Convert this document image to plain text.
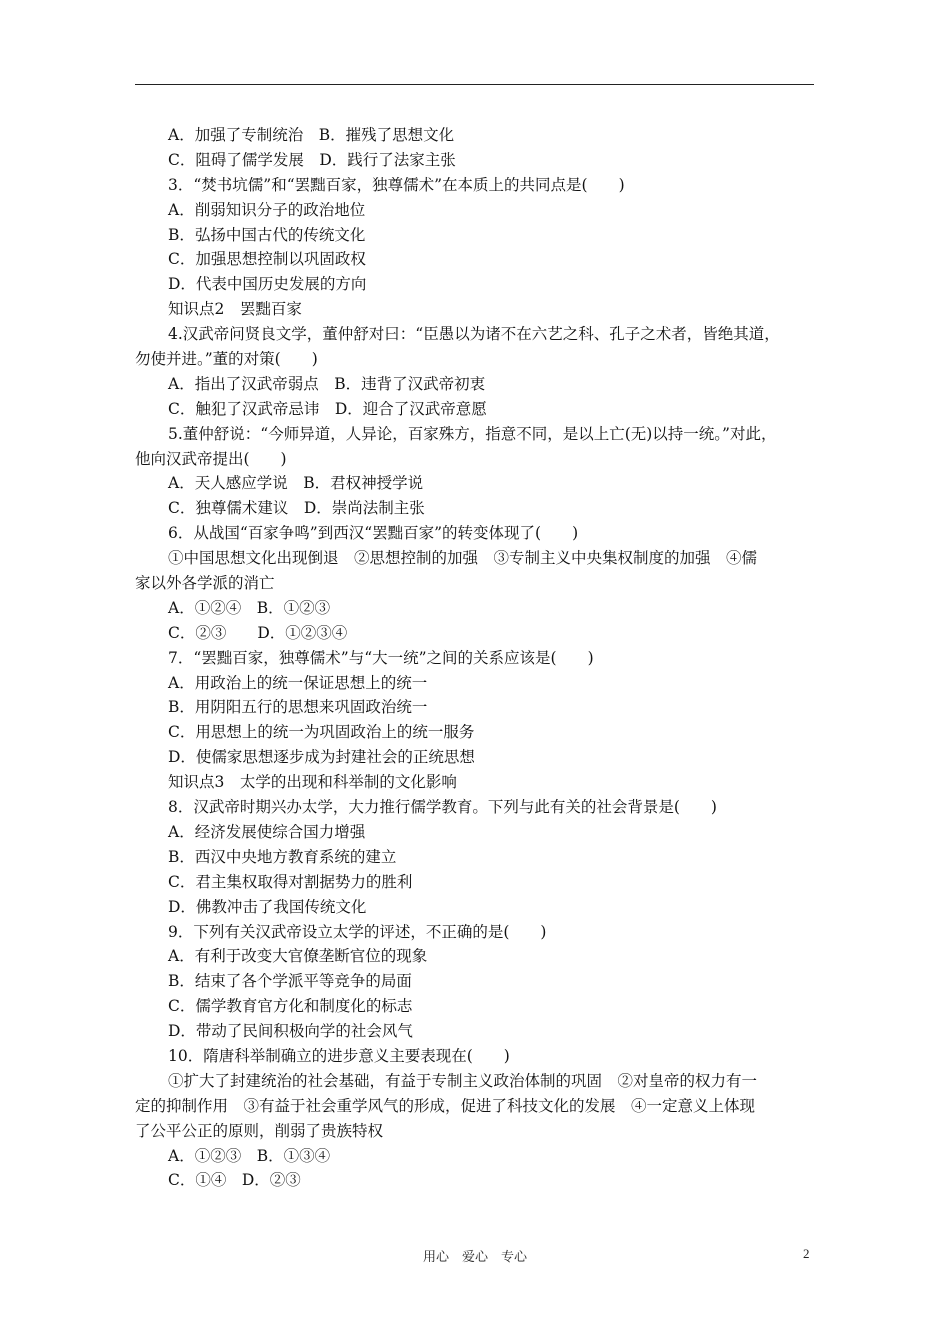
A．加强了专制统治　B．摧残了思想文化
C．阻碍了儒学发展　D．践行了法家主张
3．“焚书坑儒”和“罢黜百家，独尊儒术”在本质上的共同点是(　　)
A．削弱知识分子的政治地位
B．弘扬中国古代的传统文化
C．加强思想控制以巩固政权
D．代表中国历史发展的方向
知识点2　罢黜百家
4.汉武帝问贤良文学，董仲舒对曰：“臣愚以为诸不在六艺之科、孔子之术者，皆绝其道，
勿使并进。”董的对策(　　)
A．指出了汉武帝弱点　B．违背了汉武帝初衷
C．触犯了汉武帝忌讳　D．迎合了汉武帝意愿
5.董仲舒说：“今师异道，人异论，百家殊方，指意不同，是以上亡(无)以持一统。”对此，
他向汉武帝提出(　　)
A．天人感应学说　B．君权神授学说
C．独尊儒术建议　D．崇尚法制主张
6．从战国“百家争鸣”到西汉“罢黜百家”的转变体现了(　　)
①中国思想文化出现倒退　②思想控制的加强　③专制主义中央集权制度的加强　④儒
家以外各学派的消亡
A．①②④　B．①②③
C．②③　　D．①②③④
7．“罢黜百家，独尊儒术”与“大一统”之间的关系应该是(　　)
A．用政治上的统一保证思想上的统一
B．用阴阳五行的思想来巩固政治统一
C．用思想上的统一为巩固政治上的统一服务
D．使儒家思想逐步成为封建社会的正统思想
知识点3　太学的出现和科举制的文化影响
8．汉武帝时期兴办太学，大力推行儒学教育。下列与此有关的社会背景是(　　)
A．经济发展使综合国力增强
B．西汉中央地方教育系统的建立
C．君主集权取得对割据势力的胜利
D．佛教冲击了我国传统文化
9．下列有关汉武帝设立太学的评述，不正确的是(　　)
A．有利于改变大官僚垄断官位的现象
B．结束了各个学派平等竞争的局面
C．儒学教育官方化和制度化的标志
D．带动了民间积极向学的社会风气
10．隋唐科举制确立的进步意义主要表现在(　　)
①扩大了封建统治的社会基础，有益于专制主义政治体制的巩固　②对皇帝的权力有一
定的抑制作用　③有益于社会重学风气的形成，促进了科技文化的发展　④一定意义上体现
了公平公正的原则，削弱了贵族特权
A．①②③　B．①③④
C．①④　D．②③
用心　爱心　专心	2
